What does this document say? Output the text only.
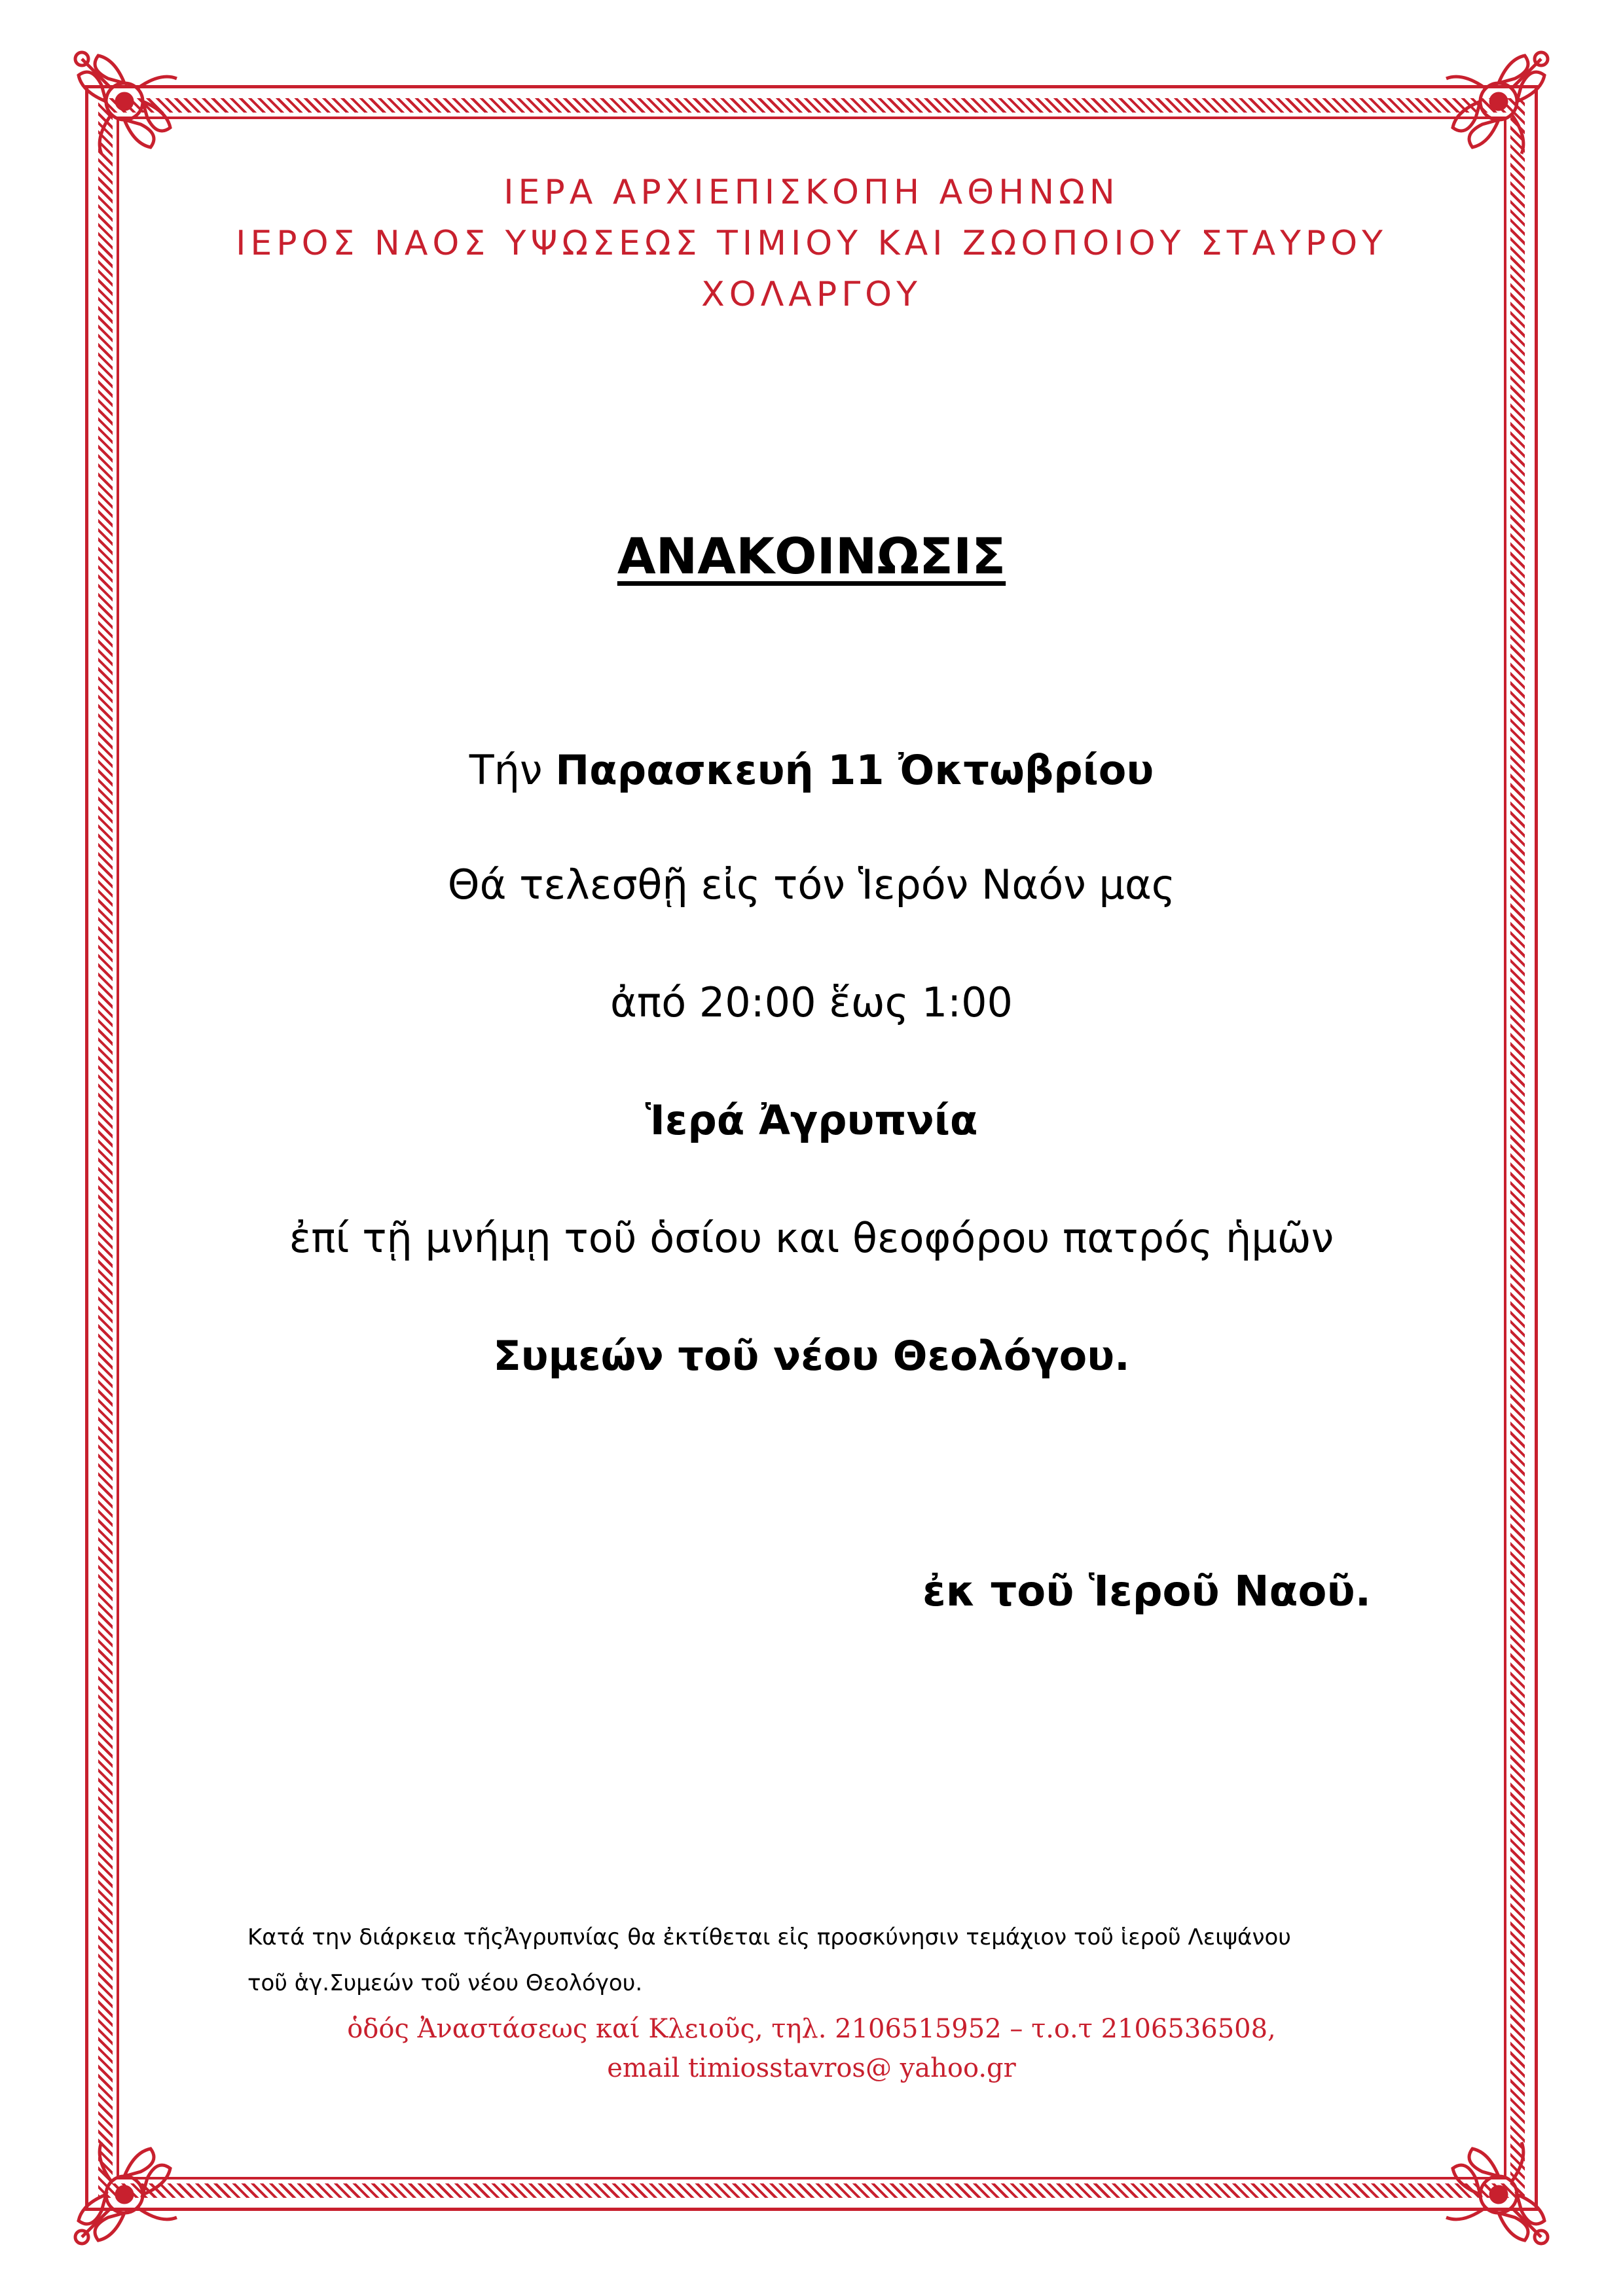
ΙΕΡΑ ΑΡΧΙΕΠΙΣΚΟΠΗ ΑΘΗΝΩΝ
ΙΕΡΟΣ ΝΑΟΣ ΥΨΩΣΕΩΣ ΤΙΜΙΟΥ ΚΑΙ ΖΩΟΠΟΙΟΥ ΣΤΑΥΡΟΥ
ΧΟΛΑΡΓΟΥ
ΑΝΑΚΟΙΝΩΣΙΣ
Τήν Παρασκευή 11 Ὀκτωβρίου
Θά τελεσθῇ εἰς τόν Ἱερόν Ναόν μας
ἀπό 20:00 ἕως 1:00
Ἱερά Ἀγρυπνία
ἐπί τῇ μνήμῃ τοῦ ὁσίου και θεοφόρου πατρός ἡμῶν
Συμεών τοῦ νέου Θεολόγου.
ἐκ τοῦ Ἱεροῦ Ναοῦ.
Κατά την διάρκεια τῆςἈγρυπνίας θα ἐκτίθεται εἰς προσκύνησιν τεμάχιον τοῦ ἱεροῦ Λειψάνου
τοῦ ἁγ.Συμεών τοῦ νέου Θεολόγου.
ὁδός Ἀναστάσεως καί Κλειοῦς, τηλ. 2106515952 – τ.ο.τ 2106536508,
email timiosstavros@ yahoo.gr
